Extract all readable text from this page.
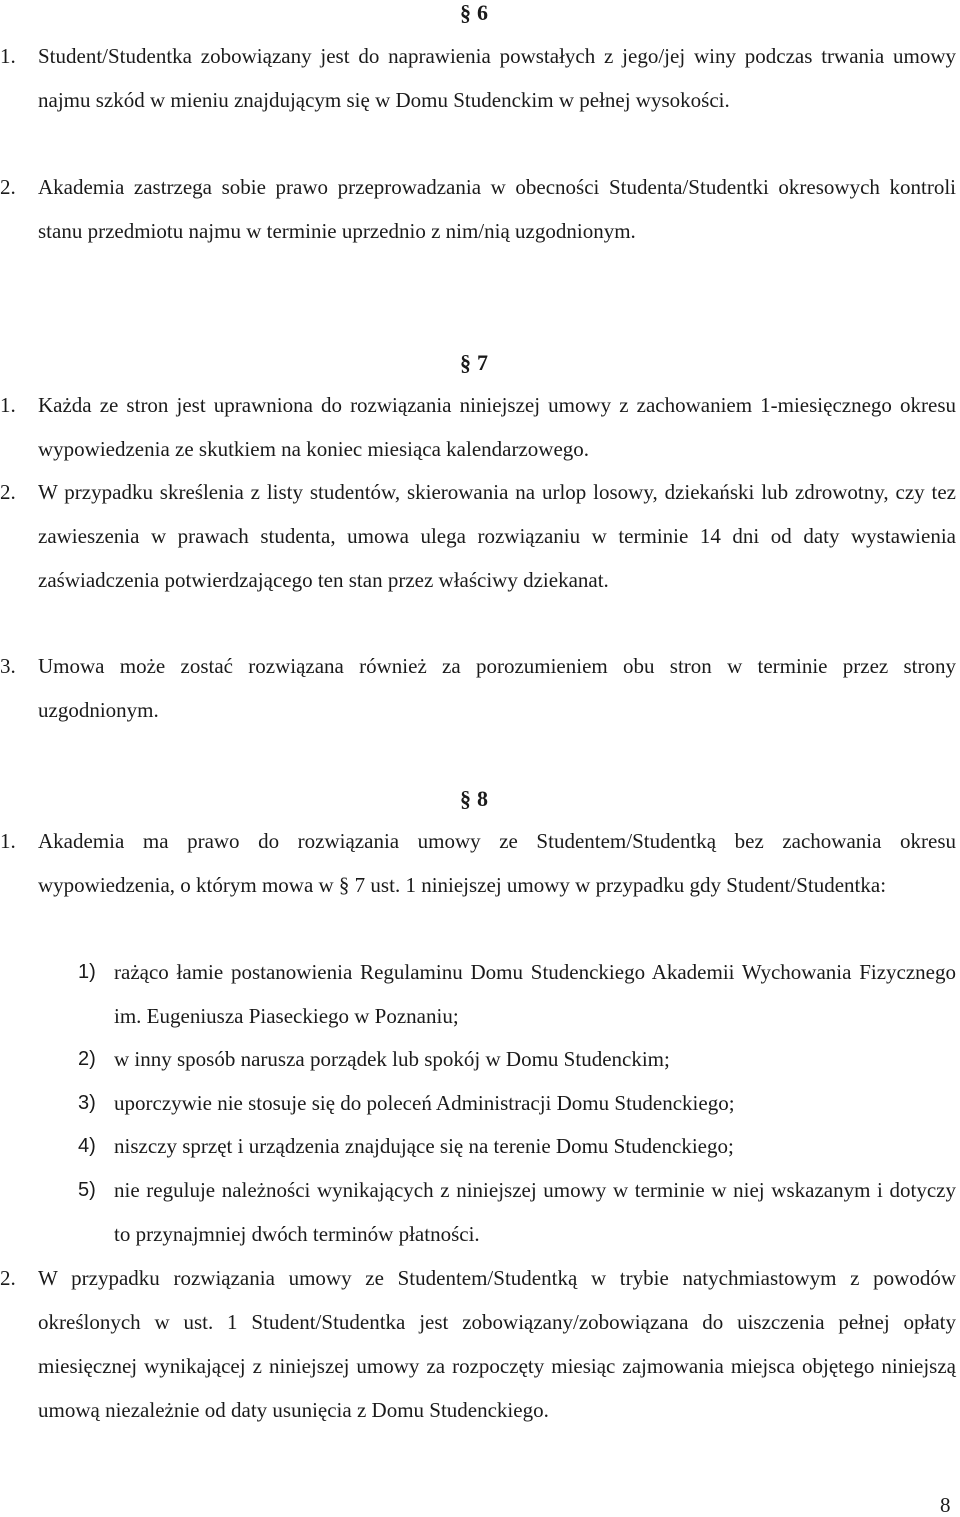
§ 6
1.	Student/Studentka zobowiązany jest do naprawienia powstałych z jego/jej winy podczas trwania umowy najmu szkód w mieniu znajdującym się w Domu Studenckim w pełnej wysokości.
2.	Akademia zastrzega sobie prawo przeprowadzania w obecności Studenta/Studentki okresowych kontroli stanu przedmiotu najmu w terminie uprzednio z nim/nią uzgodnionym.
§ 7
1.	Każda ze stron jest uprawniona do rozwiązania niniejszej umowy z zachowaniem 1-miesięcznego okresu wypowiedzenia ze skutkiem na koniec miesiąca kalendarzowego.
2.	W przypadku skreślenia z listy studentów, skierowania na urlop losowy, dziekański lub zdrowotny, czy tez zawieszenia w prawach studenta, umowa ulega rozwiązaniu w terminie 14 dni od daty wystawienia zaświadczenia potwierdzającego ten stan przez właściwy dziekanat.
3.	Umowa może zostać rozwiązana również za porozumieniem obu stron w terminie przez strony uzgodnionym.
§ 8
1.	Akademia ma prawo do rozwiązania umowy ze Studentem/Studentką bez zachowania okresu wypowiedzenia, o którym mowa w § 7 ust. 1 niniejszej umowy w przypadku gdy Student/Studentka:
1) rażąco łamie postanowienia Regulaminu Domu Studenckiego Akademii Wychowania Fizycznego im. Eugeniusza Piaseckiego w Poznaniu;
2) w inny sposób narusza porządek lub spokój w Domu Studenckim;
3) uporczywie nie stosuje się do poleceń Administracji Domu Studenckiego;
4) niszczy sprzęt i urządzenia znajdujące się na terenie Domu Studenckiego;
5) nie reguluje należności wynikających z niniejszej umowy w terminie w niej wskazanym i dotyczy to przynajmniej dwóch terminów płatności.
2.	W przypadku rozwiązania umowy ze Studentem/Studentką w trybie natychmiastowym z powodów określonych w ust. 1 Student/Studentka jest zobowiązany/zobowiązana do uiszczenia pełnej opłaty miesięcznej wynikającej z niniejszej umowy za rozpoczęty miesiąc zajmowania miejsca objętego niniejszą umową niezależnie od daty usunięcia z Domu Studenckiego.
8
